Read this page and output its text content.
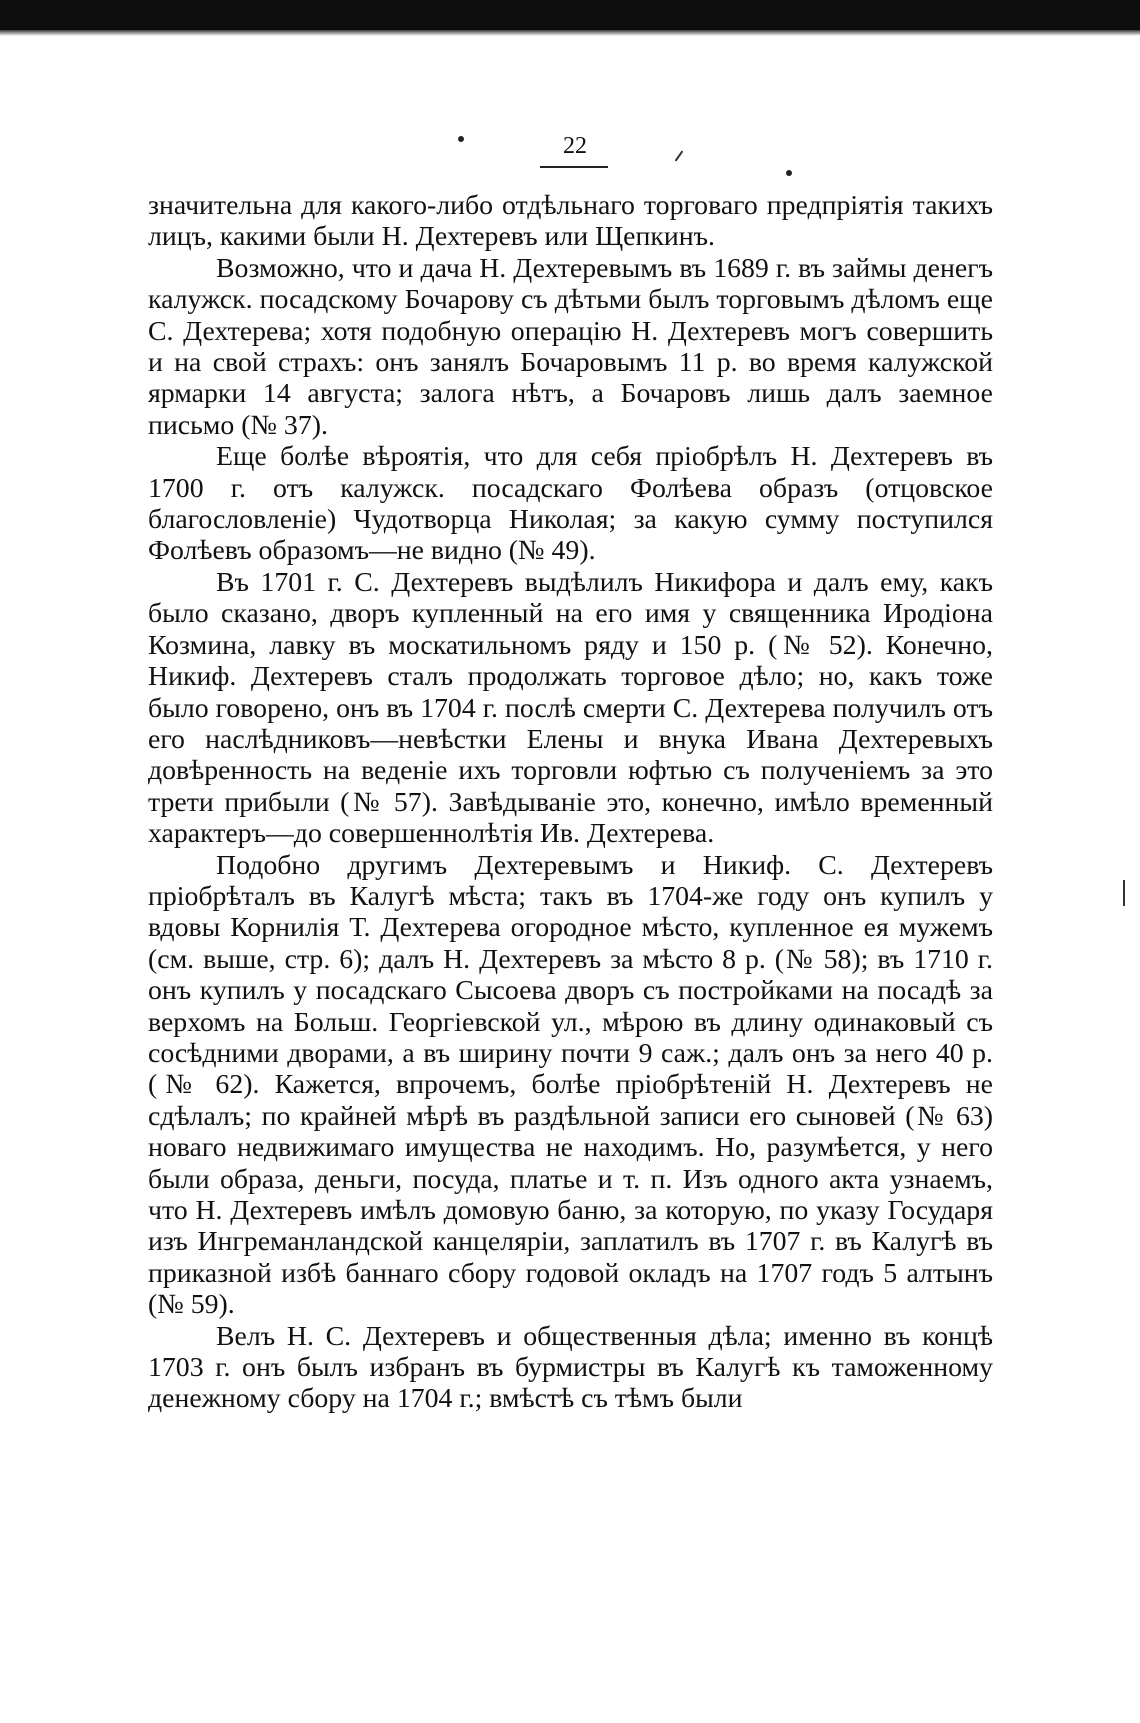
22

значительна для какого-либо отдѣльнаго торговаго предпріятія такихъ лицъ, какими были Н. Дехтеревъ или Щепкинъ.

Возможно, что и дача Н. Дехтеревымъ въ 1689 г. въ займы денегъ калужск. посадскому Бочарову съ дѣтьми былъ торговымъ дѣломъ еще С. Дехтерева; хотя подобную операцію Н. Дехтеревъ могъ совершить и на свой страхъ: онъ занялъ Бочаровымъ 11 р. во время калужской ярмарки 14 августа; залога нѣтъ, а Бочаровъ лишь далъ заемное письмо (№ 37).

Еще болѣе вѣроятія, что для себя пріобрѣлъ Н. Дехтеревъ въ 1700 г. отъ калужск. посадскаго Фолѣева образъ (отцовское благословленіе) Чудотворца Николая; за какую сумму поступился Фолѣевъ образомъ—не видно (№ 49).

Въ 1701 г. С. Дехтеревъ выдѣлилъ Никифора и далъ ему, какъ было сказано, дворъ купленный на его имя у священника Иродіона Козмина, лавку въ москатильномъ ряду и 150 р. (№ 52). Конечно, Никиф. Дехтеревъ сталъ продолжать торговое дѣло; но, какъ тоже было говорено, онъ въ 1704 г. послѣ смерти С. Дехтерева получилъ отъ его наслѣдниковъ—невѣстки Елены и внука Ивана Дехтеревыхъ довѣренность на веденіе ихъ торговли юфтью съ полученіемъ за это трети прибыли (№ 57). Завѣдываніе это, конечно, имѣло временный характеръ—до совершеннолѣтія Ив. Дехтерева.

Подобно другимъ Дехтеревымъ и Никиф. С. Дехтеревъ пріобрѣталъ въ Калугѣ мѣста; такъ въ 1704-же году онъ купилъ у вдовы Корнилія Т. Дехтерева огородное мѣсто, купленное ея мужемъ (см. выше, стр. 6); далъ Н. Дехтеревъ за мѣсто 8 р. (№ 58); въ 1710 г. онъ купилъ у посадскаго Сысоева дворъ съ постройками на посадѣ за верхомъ на Больш. Георгіевской ул., мѣрою въ длину одинаковый съ сосѣдними дворами, а въ ширину почти 9 саж.; далъ онъ за него 40 р. (№ 62). Кажется, впрочемъ, болѣе пріобрѣтеній Н. Дехтеревъ не сдѣлалъ; по крайней мѣрѣ въ раздѣльной записи его сыновей (№ 63) новаго недвижимаго имущества не находимъ. Но, разумѣется, у него были образа, деньги, посуда, платье и т. п. Изъ одного акта узнаемъ, что Н. Дехтеревъ имѣлъ домовую баню, за которую, по указу Государя изъ Ингреманландской канцеляріи, заплатилъ въ 1707 г. въ Калугѣ въ приказной избѣ баннаго сбору годовой окладъ на 1707 годъ 5 алтынъ (№ 59).

Велъ Н. С. Дехтеревъ и общественныя дѣла; именно въ концѣ 1703 г. онъ былъ избранъ въ бурмистры въ Калугѣ къ таможенному денежному сбору на 1704 г.; вмѣстѣ съ тѣмъ были
